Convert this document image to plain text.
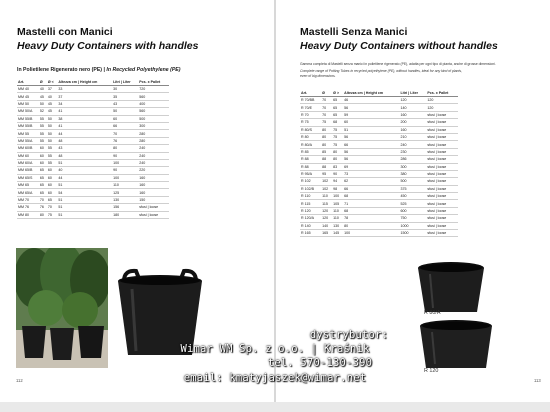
Mastelli con Manici
Heavy Duty Containers with handles
In Polietilene Rigenerato nero (PE) | In Recycled Polyethylene (PE)
Art.	Ø	Ø <	Altezza cm | Height cm	Litri | Liter	Pcs. x Pallet
MM 40	40	37	33	30	720
MM 45	45	40	37	35	560
MM 50	50	45	34	43	400
MM 50/A	52	45	41	50	560
MM 55/B	55	50	38	60	500
MM 55/B	55	50	41	66	300
MM 55	55	50	44	70	280
MM 55/A	55	50	48	76	280
MM 60/B	60	55	43	80	240
MM 60	60	55	48	90	240
MM 60/A	60	55	51	100	240
MM 65/B	65	60	40	90	220
MM 65/S	65	60	44	100	160
MM 65	65	60	51	110	160
MM 65/A	65	60	54	125	160
MM 70	70	65	51	130	150
MM 76	76	70	51	156	sfusi | loose
MM 80	80	75	51	180	sfusi | loose
112
Mastelli Senza Manici
Heavy Duty Containers without handles
Gamma completa di Mastelli senza manici in polietilene rigenerato (PE), adatta per ogni tipo di pianta, anche di grosse dimensioni.
Complete range of Potting Tubes in recycled polyethylene (PE), without handles, ideal for any kind of plants,
even of big dimensions.
Art.	Ø	Ø >	Altezza cm | Height cm	Litri | Liter	Pcs. x Pallet
R 70/BB	70	65	46	120	120
R 70/E	70	65	56	140	120
R 70	70	65	59	160	sfusi | loose
R 75	75	68	60	200	sfusi | loose
R 80/S	80	75	51	160	sfusi | loose
R 80	80	75	56	210	sfusi | loose
R 80/A	80	75	66	240	sfusi | loose
R 85	85	80	56	230	sfusi | loose
R 88	88	80	56	286	sfusi | loose
R 88	88	83	69	300	sfusi | loose
R 95/A	95	90	73	380	sfusi | loose
R 102	102	94	62	500	sfusi | loose
R 102/B	102	98	66	375	sfusi | loose
R 110	110	100	68	450	sfusi | loose
R 115	115	105	71	525	sfusi | loose
R 120	120	110	68	600	sfusi | loose
R 120/A	120	110	78	750	sfusi | loose
R 140	140	130	80	1000	sfusi | loose
R 165	165	145	100	1500	sfusi | loose
R 80/A
R 120
113
dystrybutor:
Wimar WM Sp. z o.o. | Kraśnik
tel. 570-130-390
email: kmatyjaszek@wimar.net
